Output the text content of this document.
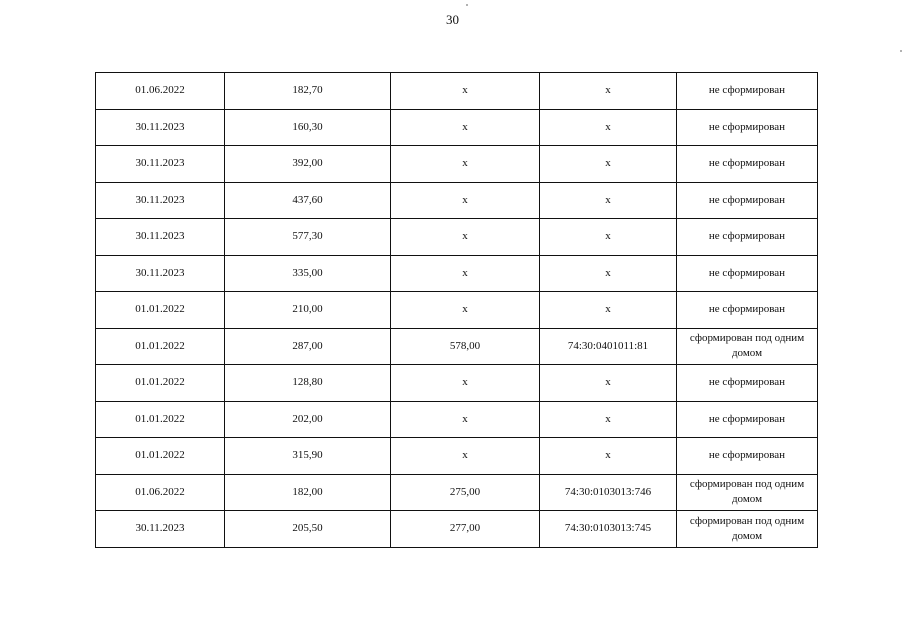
30
01.06.2022	182,70	х	х	не сформирован
30.11.2023	160,30	х	х	не сформирован
30.11.2023	392,00	х	х	не сформирован
30.11.2023	437,60	х	х	не сформирован
30.11.2023	577,30	х	х	не сформирован
30.11.2023	335,00	х	х	не сформирован
01.01.2022	210,00	х	х	не сформирован
01.01.2022	287,00	578,00	74:30:0401011:81	сформирован под одним домом
01.01.2022	128,80	х	х	не сформирован
01.01.2022	202,00	х	х	не сформирован
01.01.2022	315,90	х	х	не сформирован
01.06.2022	182,00	275,00	74:30:0103013:746	сформирован под одним домом
30.11.2023	205,50	277,00	74:30:0103013:745	сформирован под одним домом
